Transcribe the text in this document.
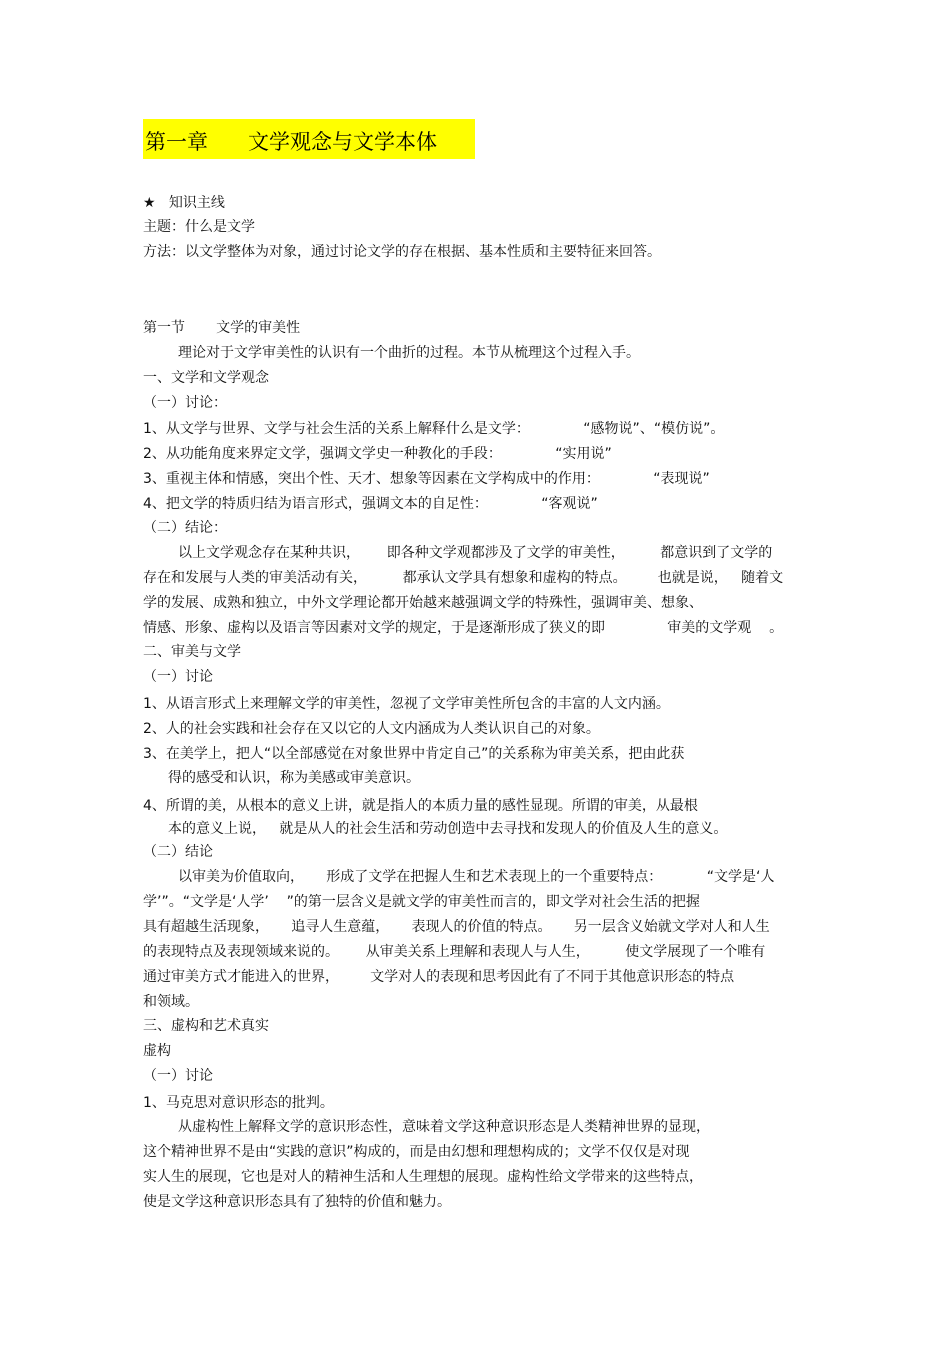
第一章      文学观念与文学本体
★   知识主线
主题：什么是文学
方法：以文学整体为对象，通过讨论文学的存在根据、基本性质和主要特征来回答。
第一节       文学的审美性
理论对于文学审美性的认识有一个曲折的过程。本节从梳理这个过程入手。
一、文学和文学观念
（一）讨论：
1、从文学与世界、文学与社会生活的关系上解释什么是文学：            “感物说”、“模仿说”。
2、从功能角度来界定文学，强调文学史一种教化的手段：            “实用说”
3、重视主体和情感，突出个性、天才、想象等因素在文学构成中的作用：            “表现说”
4、把文学的特质归结为语言形式，强调文本的自足性：            “客观说”
（二）结论：
以上文学观念存在某种共识，      即各种文学观都涉及了文学的审美性，        都意识到了文学的
存在和发展与人类的审美活动有关，        都承认文学具有想象和虚构的特点。       也就是说，   随着文
学的发展、成熟和独立，中外文学理论都开始越来越强调文学的特殊性，强调审美、想象、
情感、形象、虚构以及语言等因素对文学的规定，于是逐渐形成了狭义的即              审美的文学观    。
二、审美与文学
（一）讨论
1、从语言形式上来理解文学的审美性，忽视了文学审美性所包含的丰富的人文内涵。
2、人的社会实践和社会存在又以它的人文内涵成为人类认识自己的对象。
3、在美学上，把人“以全部感觉在对象世界中肯定自己”的关系称为审美关系，把由此获
得的感受和认识，称为美感或审美意识。
4、所谓的美，从根本的意义上讲，就是指人的本质力量的感性显现。所谓的审美，从最根
本的意义上说，   就是从人的社会生活和劳动创造中去寻找和发现人的价值及人生的意义。
（二）结论
以审美为价值取向，     形成了文学在把握人生和艺术表现上的一个重要特点：          “文学是‘人
学’”。“文学是‘人学’    ”的第一层含义是就文学的审美性而言的，即文学对社会生活的把握
具有超越生活现象，     追寻人生意蕴，     表现人的价值的特点。     另一层含义始就文学对人和人生
的表现特点及表现领域来说的。      从审美关系上理解和表现人与人生，        使文学展现了一个唯有
通过审美方式才能进入的世界，       文学对人的表现和思考因此有了不同于其他意识形态的特点
和领域。
三、虚构和艺术真实
虚构
（一）讨论
1、马克思对意识形态的批判。
从虚构性上解释文学的意识形态性，意味着文学这种意识形态是人类精神世界的显现，
这个精神世界不是由“实践的意识”构成的，而是由幻想和理想构成的；文学不仅仅是对现
实人生的展现，它也是对人的精神生活和人生理想的展现。虚构性给文学带来的这些特点，
使是文学这种意识形态具有了独特的价值和魅力。
